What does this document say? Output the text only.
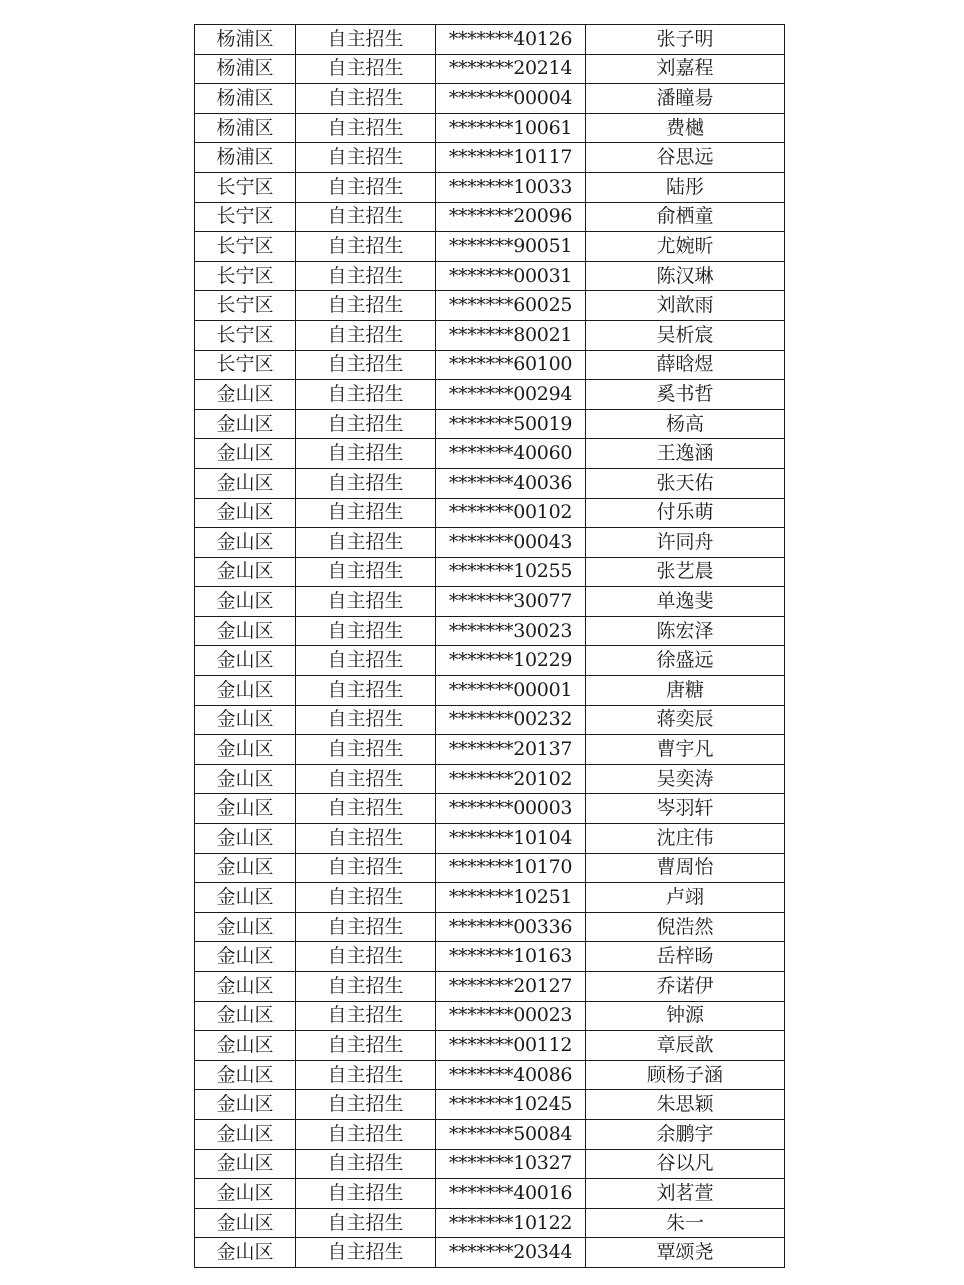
杨浦区	自主招生	*******40126	张子明
杨浦区	自主招生	*******20214	刘嘉程
杨浦区	自主招生	*******00004	潘瞳昜
杨浦区	自主招生	*******10061	费樾
杨浦区	自主招生	*******10117	谷思远
长宁区	自主招生	*******10033	陆彤
长宁区	自主招生	*******20096	俞栖童
长宁区	自主招生	*******90051	尤婉昕
长宁区	自主招生	*******00031	陈汉琳
长宁区	自主招生	*******60025	刘歆雨
长宁区	自主招生	*******80021	吴析宸
长宁区	自主招生	*******60100	薛晗煜
金山区	自主招生	*******00294	奚书哲
金山区	自主招生	*******50019	杨高
金山区	自主招生	*******40060	王逸涵
金山区	自主招生	*******40036	张天佑
金山区	自主招生	*******00102	付乐萌
金山区	自主招生	*******00043	许同舟
金山区	自主招生	*******10255	张艺晨
金山区	自主招生	*******30077	单逸斐
金山区	自主招生	*******30023	陈宏泽
金山区	自主招生	*******10229	徐盛远
金山区	自主招生	*******00001	唐糖
金山区	自主招生	*******00232	蒋奕辰
金山区	自主招生	*******20137	曹宇凡
金山区	自主招生	*******20102	吴奕涛
金山区	自主招生	*******00003	岑羽轩
金山区	自主招生	*******10104	沈庄伟
金山区	自主招生	*******10170	曹周怡
金山区	自主招生	*******10251	卢翊
金山区	自主招生	*******00336	倪浩然
金山区	自主招生	*******10163	岳梓旸
金山区	自主招生	*******20127	乔诺伊
金山区	自主招生	*******00023	钟源
金山区	自主招生	*******00112	章辰歆
金山区	自主招生	*******40086	顾杨子涵
金山区	自主招生	*******10245	朱思颖
金山区	自主招生	*******50084	余鹏宇
金山区	自主招生	*******10327	谷以凡
金山区	自主招生	*******40016	刘茗萱
金山区	自主招生	*******10122	朱一
金山区	自主招生	*******20344	覃颂尧
